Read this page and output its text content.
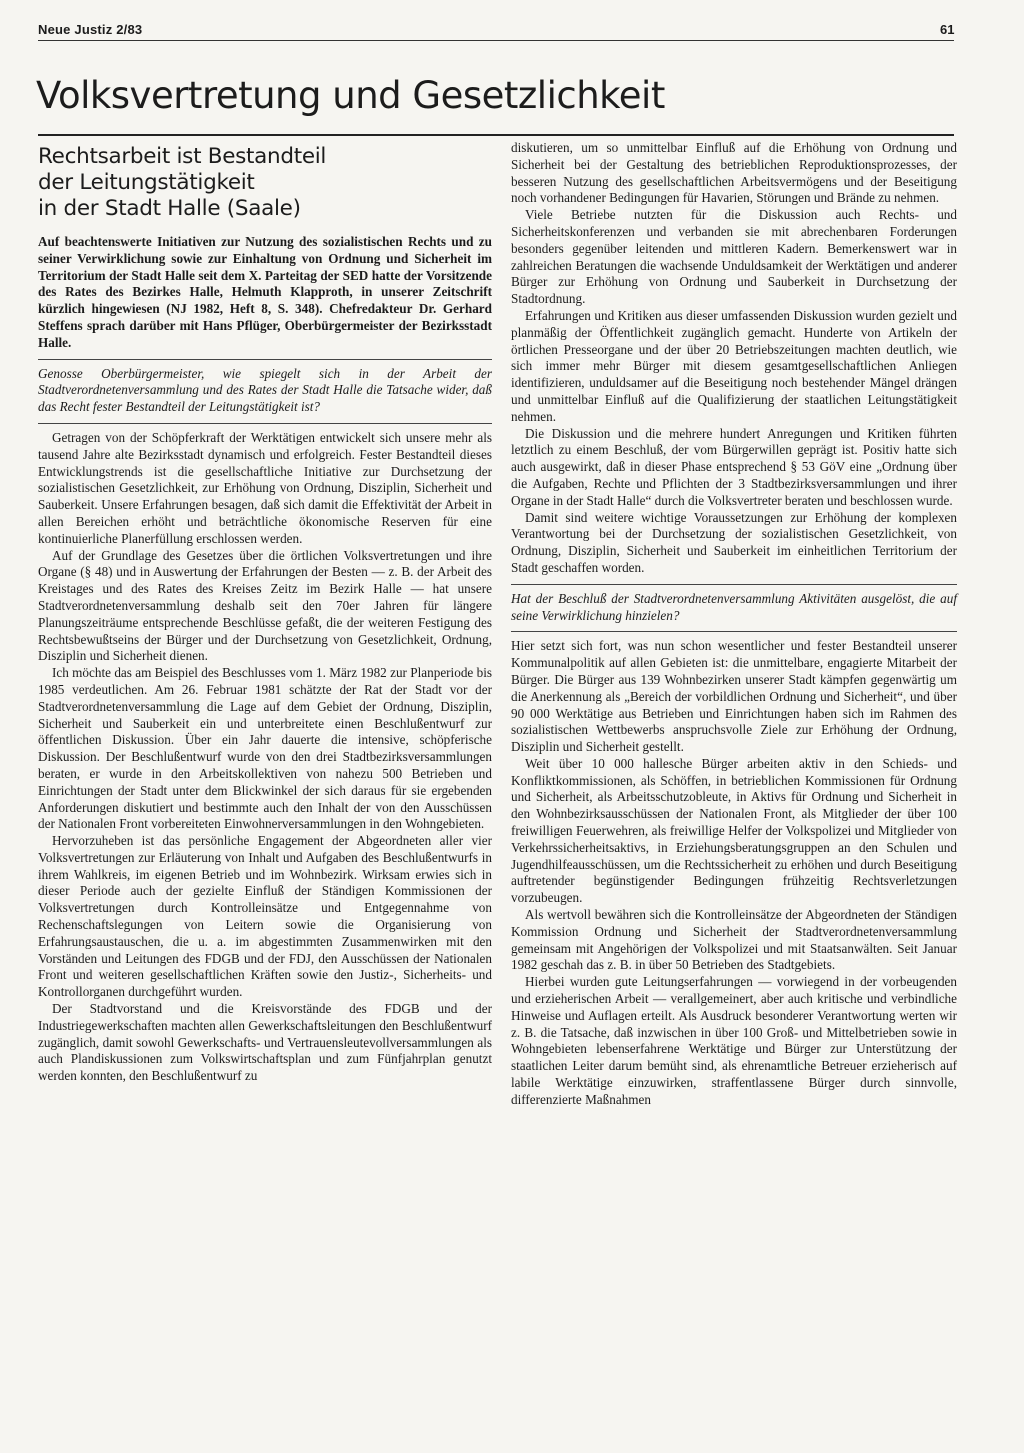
Neue Justiz 2/83	61
Volksvertretung und Gesetzlichkeit
Rechtsarbeit ist Bestandteil
der Leitungstätigkeit
in der Stadt Halle (Saale)

Auf beachtenswerte Initiativen zur Nutzung des sozialistischen Rechts und zu seiner Verwirklichung sowie zur Einhaltung von Ordnung und Sicherheit im Territorium der Stadt Halle seit dem X. Parteitag der SED hatte der Vorsitzende des Rates des Bezirkes Halle, Helmuth Klapproth, in unserer Zeitschrift kürzlich hingewiesen (NJ 1982, Heft 8, S. 348). Chefredakteur Dr. Gerhard Steffens sprach darüber mit Hans Pflüger, Oberbürgermeister der Bezirksstadt Halle.

Genosse Oberbürgermeister, wie spiegelt sich in der Arbeit der Stadtverordnetenversammlung und des Rates der Stadt Halle die Tatsache wider, daß das Recht fester Bestandteil der Leitungstätigkeit ist?

Getragen von der Schöpferkraft der Werktätigen entwickelt sich unsere mehr als tausend Jahre alte Bezirksstadt dynamisch und erfolgreich. Fester Bestandteil dieses Entwicklungstrends ist die gesellschaftliche Initiative zur Durchsetzung der sozialistischen Gesetzlichkeit, zur Erhöhung von Ordnung, Disziplin, Sicherheit und Sauberkeit. Unsere Erfahrungen besagen, daß sich damit die Effektivität der Arbeit in allen Bereichen erhöht und beträchtliche ökonomische Reserven für eine kontinuierliche Planerfüllung erschlossen werden.

Auf der Grundlage des Gesetzes über die örtlichen Volksvertretungen und ihre Organe (§ 48) und in Auswertung der Erfahrungen der Besten — z. B. der Arbeit des Kreistages und des Rates des Kreises Zeitz im Bezirk Halle — hat unsere Stadtverordnetenversammlung deshalb seit den 70er Jahren für längere Planungszeiträume entsprechende Beschlüsse gefaßt, die der weiteren Festigung des Rechtsbewußtseins der Bürger und der Durchsetzung von Gesetzlichkeit, Ordnung, Disziplin und Sicherheit dienen.

Ich möchte das am Beispiel des Beschlusses vom 1. März 1982 zur Planperiode bis 1985 verdeutlichen. Am 26. Februar 1981 schätzte der Rat der Stadt vor der Stadtverordnetenversammlung die Lage auf dem Gebiet der Ordnung, Disziplin, Sicherheit und Sauberkeit ein und unterbreitete einen Beschlußentwurf zur öffentlichen Diskussion. Über ein Jahr dauerte die intensive, schöpferische Diskussion. Der Beschlußentwurf wurde von den drei Stadtbezirksversammlungen beraten, er wurde in den Arbeitskollektiven von nahezu 500 Betrieben und Einrichtungen der Stadt unter dem Blickwinkel der sich daraus für sie ergebenden Anforderungen diskutiert und bestimmte auch den Inhalt der von den Ausschüssen der Nationalen Front vorbereiteten Einwohnerversammlungen in den Wohngebieten.

Hervorzuheben ist das persönliche Engagement der Abgeordneten aller vier Volksvertretungen zur Erläuterung von Inhalt und Aufgaben des Beschlußentwurfs in ihrem Wahlkreis, im eigenen Betrieb und im Wohnbezirk. Wirksam erwies sich in dieser Periode auch der gezielte Einfluß der Ständigen Kommissionen der Volksvertretungen durch Kontrolleinsätze und Entgegennahme von Rechenschaftslegungen von Leitern sowie die Organisierung von Erfahrungsaustauschen, die u. a. im abgestimmten Zusammenwirken mit den Vorständen und Leitungen des FDGB und der FDJ, den Ausschüssen der Nationalen Front und weiteren gesellschaftlichen Kräften sowie den Justiz-, Sicherheits- und Kontrollorganen durchgeführt wurden.

Der Stadtvorstand und die Kreisvorstände des FDGB und der Industriegewerkschaften machten allen Gewerkschaftsleitungen den Beschlußentwurf zugänglich, damit sowohl Gewerkschafts- und Vertrauensleutevollversammlungen als auch Plandiskussionen zum Volkswirtschaftsplan und zum Fünfjahrplan genutzt werden konnten, den Beschlußentwurf zu

diskutieren, um so unmittelbar Einfluß auf die Erhöhung von Ordnung und Sicherheit bei der Gestaltung des betrieblichen Reproduktionsprozesses, der besseren Nutzung des gesellschaftlichen Arbeitsvermögens und der Beseitigung noch vorhandener Bedingungen für Havarien, Störungen und Brände zu nehmen.

Viele Betriebe nutzten für die Diskussion auch Rechts- und Sicherheitskonferenzen und verbanden sie mit abrechenbaren Forderungen besonders gegenüber leitenden und mittleren Kadern. Bemerkenswert war in zahlreichen Beratungen die wachsende Unduldsamkeit der Werktätigen und anderer Bürger zur Erhöhung von Ordnung und Sauberkeit in Durchsetzung der Stadtordnung.

Erfahrungen und Kritiken aus dieser umfassenden Diskussion wurden gezielt und planmäßig der Öffentlichkeit zugänglich gemacht. Hunderte von Artikeln der örtlichen Presseorgane und der über 20 Betriebszeitungen machten deutlich, wie sich immer mehr Bürger mit diesem gesamtgesellschaftlichen Anliegen identifizieren, unduldsamer auf die Beseitigung noch bestehender Mängel drängen und unmittelbar Einfluß auf die Qualifizierung der staatlichen Leitungstätigkeit nehmen.

Die Diskussion und die mehrere hundert Anregungen und Kritiken führten letztlich zu einem Beschluß, der vom Bürgerwillen geprägt ist. Positiv hatte sich auch ausgewirkt, daß in dieser Phase entsprechend § 53 GöV eine „Ordnung über die Aufgaben, Rechte und Pflichten der 3 Stadtbezirksversammlungen und ihrer Organe in der Stadt Halle“ durch die Volksvertreter beraten und beschlossen wurde.

Damit sind weitere wichtige Voraussetzungen zur Erhöhung der komplexen Verantwortung bei der Durchsetzung der sozialistischen Gesetzlichkeit, von Ordnung, Disziplin, Sicherheit und Sauberkeit im einheitlichen Territorium der Stadt geschaffen worden.

Hat der Beschluß der Stadtverordnetenversammlung Aktivitäten ausgelöst, die auf seine Verwirklichung hinzielen?

Hier setzt sich fort, was nun schon wesentlicher und fester Bestandteil unserer Kommunalpolitik auf allen Gebieten ist: die unmittelbare, engagierte Mitarbeit der Bürger. Die Bürger aus 139 Wohnbezirken unserer Stadt kämpfen gegenwärtig um die Anerkennung als „Bereich der vorbildlichen Ordnung und Sicherheit“, und über 90 000 Werktätige aus Betrieben und Einrichtungen haben sich im Rahmen des sozialistischen Wettbewerbs anspruchsvolle Ziele zur Erhöhung der Ordnung, Disziplin und Sicherheit gestellt.

Weit über 10 000 hallesche Bürger arbeiten aktiv in den Schieds- und Konfliktkommissionen, als Schöffen, in betrieblichen Kommissionen für Ordnung und Sicherheit, als Arbeitsschutzobleute, in Aktivs für Ordnung und Sicherheit in den Wohnbezirksausschüssen der Nationalen Front, als Mitglieder der über 100 freiwilligen Feuerwehren, als freiwillige Helfer der Volkspolizei und Mitglieder von Verkehrssicherheitsaktivs, in Erziehungsberatungsgruppen an den Schulen und Jugendhilfeausschüssen, um die Rechtssicherheit zu erhöhen und durch Beseitigung auftretender begünstigender Bedingungen frühzeitig Rechtsverletzungen vorzubeugen.

Als wertvoll bewähren sich die Kontrolleinsätze der Abgeordneten der Ständigen Kommission Ordnung und Sicherheit der Stadtverordnetenversammlung gemeinsam mit Angehörigen der Volkspolizei und mit Staatsanwälten. Seit Januar 1982 geschah das z. B. in über 50 Betrieben des Stadtgebiets.

Hierbei wurden gute Leitungserfahrungen — vorwiegend in der vorbeugenden und erzieherischen Arbeit — verallgemeinert, aber auch kritische und verbindliche Hinweise und Auflagen erteilt. Als Ausdruck besonderer Verantwortung werten wir z. B. die Tatsache, daß inzwischen in über 100 Groß- und Mittelbetrieben sowie in Wohngebieten lebenserfahrene Werktätige und Bürger zur Unterstützung der staatlichen Leiter darum bemüht sind, als ehrenamtliche Betreuer erzieherisch auf labile Werktätige einzuwirken, straffentlassene Bürger durch sinnvolle, differenzierte Maßnahmen
